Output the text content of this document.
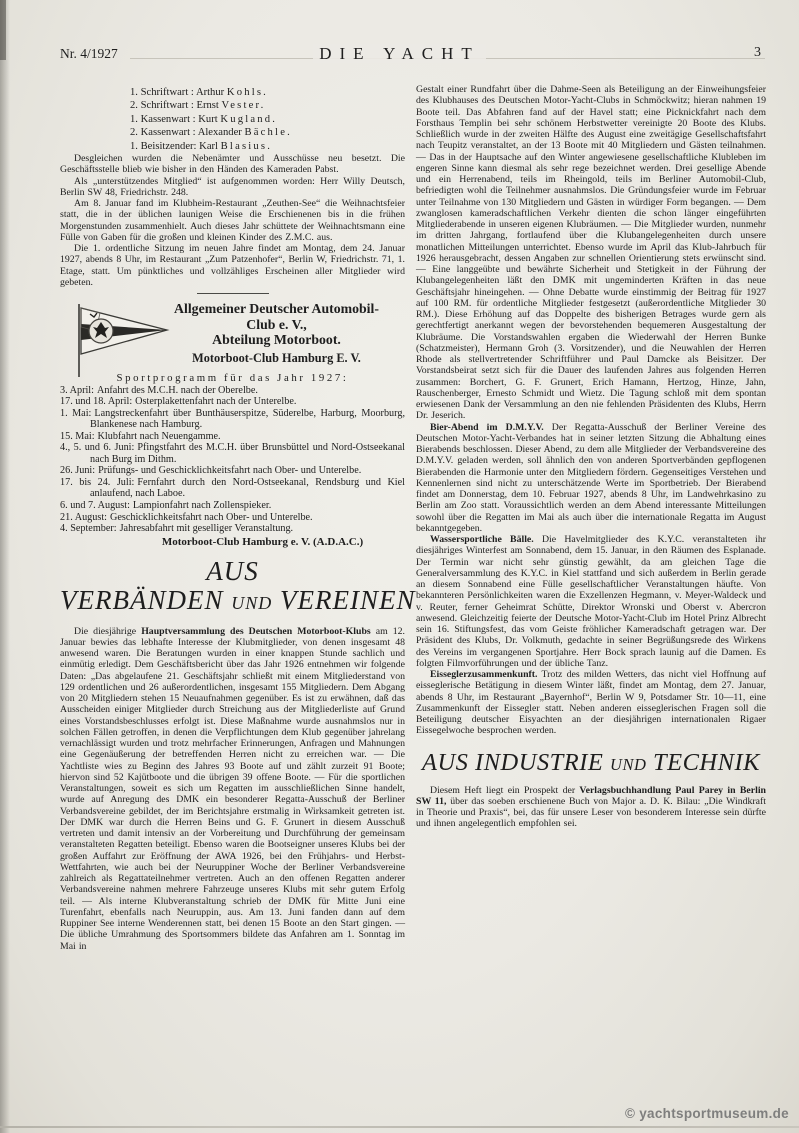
Nr. 4/1927	DIE YACHT	3
1. Schriftwart : Arthur Kohls.
2. Schriftwart : Ernst Vester.
1. Kassenwart : Kurt Kugland.
2. Kassenwart : Alexander Bächle.
1. Beisitzender: Karl Blasius.

Desgleichen wurden die Nebenämter und Ausschüsse neu besetzt. Die Geschäftsstelle blieb wie bisher in den Händen des Kameraden Pabst.

Als „unterstützendes Mitglied“ ist aufgenommen worden: Herr Willy Deutsch, Berlin SW 48, Friedrichstr. 248.

Am 8. Januar fand im Klubheim-Restaurant „Zeuthen-See“ die Weihnachtsfeier statt, die in der üblichen launigen Weise die Erschienenen bis in die frühen Morgenstunden zusammenhielt. Auch dieses Jahr schüttete der Weihnachtsmann eine Fülle von Gaben für die großen und kleinen Kinder des Z.M.C. aus.

Die 1. ordentliche Sitzung im neuen Jahre findet am Montag, dem 24. Januar 1927, abends 8 Uhr, im Restaurant „Zum Patzenhofer“, Berlin W, Friedrichstr. 71, 1. Etage, statt. Um pünktliches und vollzähliges Erscheinen aller Mitglieder wird gebeten.

Allgemeiner Deutscher Automobil-
Club e. V.,
Abteilung Motorboot.
Motorboot-Club Hamburg E. V.
Sportprogramm für das Jahr 1927:
3. April: Anfahrt des M.C.H. nach der Oberelbe.
17. und 18. April: Osterplakettenfahrt nach der Unterelbe.
1. Mai: Langstreckenfahrt über Bunthäuserspitze, Süderelbe, Harburg, Moorburg, Blankenese nach Hamburg.
15. Mai: Klubfahrt nach Neuengamme.
4., 5. und 6. Juni: Pfingstfahrt des M.C.H. über Brunsbüttel und Nord-Ostseekanal nach Burg im Dithm.
26. Juni: Prüfungs- und Geschicklichkeitsfahrt nach Ober- und Unterelbe.
17. bis 24. Juli: Fernfahrt durch den Nord-Ostseekanal, Rendsburg und Kiel anlaufend, nach Laboe.
6. und 7. August: Lampionfahrt nach Zollenspieker.
21. August: Geschicklichkeitsfahrt nach Ober- und Unterelbe.
4. September: Jahresabfahrt mit geselliger Veranstaltung.
Motorboot-Club Hamburg e. V. (A.D.A.C.)
AUS
VERBÄNDEN UND VEREINEN

Die diesjährige Hauptversammlung des Deutschen Motorboot-Klubs am 12. Januar bewies das lebhafte Interesse der Klubmitglieder, von denen insgesamt 48 anwesend waren. Die Beratungen wurden in einer knappen Stunde sachlich und einmütig erledigt. Dem Geschäftsbericht über das Jahr 1926 entnehmen wir folgende Daten: „Das abgelaufene 21. Geschäftsjahr schließt mit einem Mitgliederstand von 129 ordentlichen und 26 außerordentlichen, insgesamt 155 Mitgliedern. Dem Abgang von 20 Mitgliedern stehen 15 Neuaufnahmen gegenüber. Es ist zu erwähnen, daß das Ausscheiden einiger Mitglieder durch Streichung aus der Mitgliederliste auf Grund eines Vorstandsbeschlusses erfolgt ist. Diese Maßnahme wurde ausnahmslos nur in solchen Fällen getroffen, in denen die Verpflichtungen dem Klub gegenüber jahrelang vernachlässigt wurden und trotz mehrfacher Erinnerungen, Anfragen und Mahnungen eine Gegenäußerung der betreffenden Herren nicht zu erreichen war. — Die Yachtliste wies zu Beginn des Jahres 93 Boote auf und zählt zurzeit 91 Boote; hiervon sind 52 Kajütboote und die übrigen 39 offene Boote. — Für die sportlichen Veranstaltungen, soweit es sich um Regatten im ausschließlichen Sinne handelt, wurde auf Anregung des DMK ein besonderer Regatta-Ausschuß der Berliner Verbandsvereine gebildet, der im Berichtsjahre erstmalig in Wirksamkeit getreten ist. Der DMK war durch die Herren Beins und G. F. Grunert in diesem Ausschuß vertreten und damit intensiv an der Vorbereitung und Durchführung der gemeinsam veranstalteten Regatten beteiligt. Ebenso waren die Bootseigner unseres Klubs bei der großen Auffahrt zur Eröffnung der AWA 1926, bei den Frühjahrs- und Herbst-Wettfahrten, wie auch bei der Neuruppiner Woche der Berliner Verbandsvereine zahlreich als Regattateilnehmer vertreten. Auch an den offenen Regatten anderer Verbandsvereine nahmen mehrere Fahrzeuge unseres Klubs mit sehr gutem Erfolg teil. — Als interne Klubveranstaltung schrieb der DMK für Mitte Juni eine Turenfahrt, ebenfalls nach Neuruppin, aus. Am 13. Juni fanden dann auf dem Ruppiner See interne Wenderennen statt, bei denen 15 Boote an den Start gingen. — Die übliche Umrahmung des Sportsommers bildete das Anfahren am 1. Sonntag im Mai in

Gestalt einer Rundfahrt über die Dahme-Seen als Beteiligung an der Einweihungsfeier des Klubhauses des Deutschen Motor-Yacht-Clubs in Schmöckwitz; hieran nahmen 19 Boote teil. Das Abfahren fand auf der Havel statt; eine Picknickfahrt nach dem Forsthaus Templin bei sehr schönem Herbstwetter vereinigte 20 Boote des Klubs. Schließlich wurde in der zweiten Hälfte des August eine zweitägige Gesellschaftsfahrt nach Teupitz veranstaltet, an der 13 Boote mit 40 Mitgliedern und Gästen teilnahmen. — Das in der Hauptsache auf den Winter angewiesene gesellschaftliche Klubleben im engeren Sinne kann diesmal als sehr rege bezeichnet werden. Drei gesellige Abende und ein Herrenabend, teils im Rheingold, teils im Berliner Automobil-Club, befriedigten wohl die Teilnehmer ausnahmslos. Die Gründungsfeier wurde im Februar unter Teilnahme von 130 Mitgliedern und Gästen in würdiger Form begangen. — Dem zwanglosen kameradschaftlichen Verkehr dienten die schon länger eingeführten Mitgliederabende in unseren eigenen Klubräumen. — Die Mitglieder wurden, nunmehr im dritten Jahrgang, fortlaufend über die Klubangelegenheiten durch unsere monatlichen Mitteilungen unterrichtet. Ebenso wurde im April das Klub-Jahrbuch für 1926 herausgebracht, dessen Angaben zur schnellen Orientierung stets erwünscht sind. — Eine langgeübte und bewährte Sicherheit und Stetigkeit in der Führung der Klubangelegenheiten läßt den DMK mit ungeminderten Kräften in das neue Geschäftsjahr hineingehen. — Ohne Debatte wurde einstimmig der Beitrag für 1927 auf 100 RM. für ordentliche Mitglieder festgesetzt (außerordentliche Mitglieder 30 RM.). Diese Erhöhung auf das Doppelte des bisherigen Betrages wurde gern als gerechtfertigt anerkannt wegen der bevorstehenden bequemeren Ausgestaltung der Klubräume. Die Vorstandswahlen ergaben die Wiederwahl der Herren Bunke (Schatzmeister), Hermann Groh (3. Vorsitzender), und die Neuwahlen der Herren Rhode als stellvertretender Schriftführer und Paul Damcke als Beisitzer. Der Vorstandsbeirat setzt sich für die Dauer des laufenden Jahres aus folgenden Herren zusammen: Borchert, G. F. Grunert, Erich Hamann, Hertzog, Hinze, Jahn, Rauschenberger, Ernesto Schmidt und Wietz. Die Tagung schloß mit dem spontan erwiesenen Dank der Versammlung an den nie fehlenden Präsidenten des Klubs, Herrn Dr. Jeserich.

Bier-Abend im D.M.Y.V. Der Regatta-Ausschuß der Berliner Vereine des Deutschen Motor-Yacht-Verbandes hat in seiner letzten Sitzung die Abhaltung eines Bierabends beschlossen. Dieser Abend, zu dem alle Mitglieder der Verbandsvereine des D.M.Y.V. geladen werden, soll ähnlich den von anderen Sportverbänden gepflogenen Bierabenden die Harmonie unter den Mitgliedern fördern. Gegenseitiges Verstehen und Kennenlernen sind nicht zu unterschätzende Werte im Sportbetrieb. Der Bierabend findet am Donnerstag, dem 10. Februar 1927, abends 8 Uhr, im Landwehrkasino zu Berlin am Zoo statt. Voraussichtlich werden an dem Abend interessante Mitteilungen sowohl über die Regatten im Mai als auch über die internationale Regatta im August bekanntgegeben.

Wassersportliche Bälle. Die Havelmitglieder des K.Y.C. veranstalteten ihr diesjähriges Winterfest am Sonnabend, dem 15. Januar, in den Räumen des Esplanade. Der Termin war nicht sehr günstig gewählt, da am gleichen Tage die Generalversammlung des K.Y.C. in Kiel stattfand und sich außerdem in Berlin gerade an diesem Sonnabend eine Fülle gesellschaftlicher Veranstaltungen häufte. Von bekannteren Persönlichkeiten waren die Exzellenzen Hegmann, v. Meyer-Waldeck und v. Reuter, ferner Geheimrat Schütte, Direktor Wronski und Oberst v. Abercron anwesend. Gleichzeitig feierte der Deutsche Motor-Yacht-Club im Hotel Prinz Albrecht sein 16. Stiftungsfest, das vom Geiste fröhlicher Kameradschaft getragen war. Der Präsident des Klubs, Dr. Volkmuth, gedachte in seiner Begrüßungsrede des Wirkens des Vereins im vergangenen Sportjahre. Herr Bock sprach launig auf die Damen. Es folgten Filmvorführungen und der übliche Tanz.

Eisseglerzusammenkunft. Trotz des milden Wetters, das nicht viel Hoffnung auf eisseglerische Betätigung in diesem Winter läßt, findet am Montag, dem 27. Januar, abends 8 Uhr, im Restaurant „Bayernhof“, Berlin W 9, Potsdamer Str. 10—11, eine Zusammenkunft der Eissegler statt. Neben anderen eisseglerischen Fragen soll die Beteiligung deutscher Eisyachten an der diesjährigen internationalen Rigaer Eissegelwoche besprochen werden.

AUS INDUSTRIE UND TECHNIK

Diesem Heft liegt ein Prospekt der Verlagsbuchhandlung Paul Parey in Berlin SW 11, über das soeben erschienene Buch von Major a. D. K. Bilau: „Die Windkraft in Theorie und Praxis“, bei, das für unsere Leser von besonderem Interesse sein dürfte und ihnen angelegentlich empfohlen sei.

© yachtsportmuseum.de
